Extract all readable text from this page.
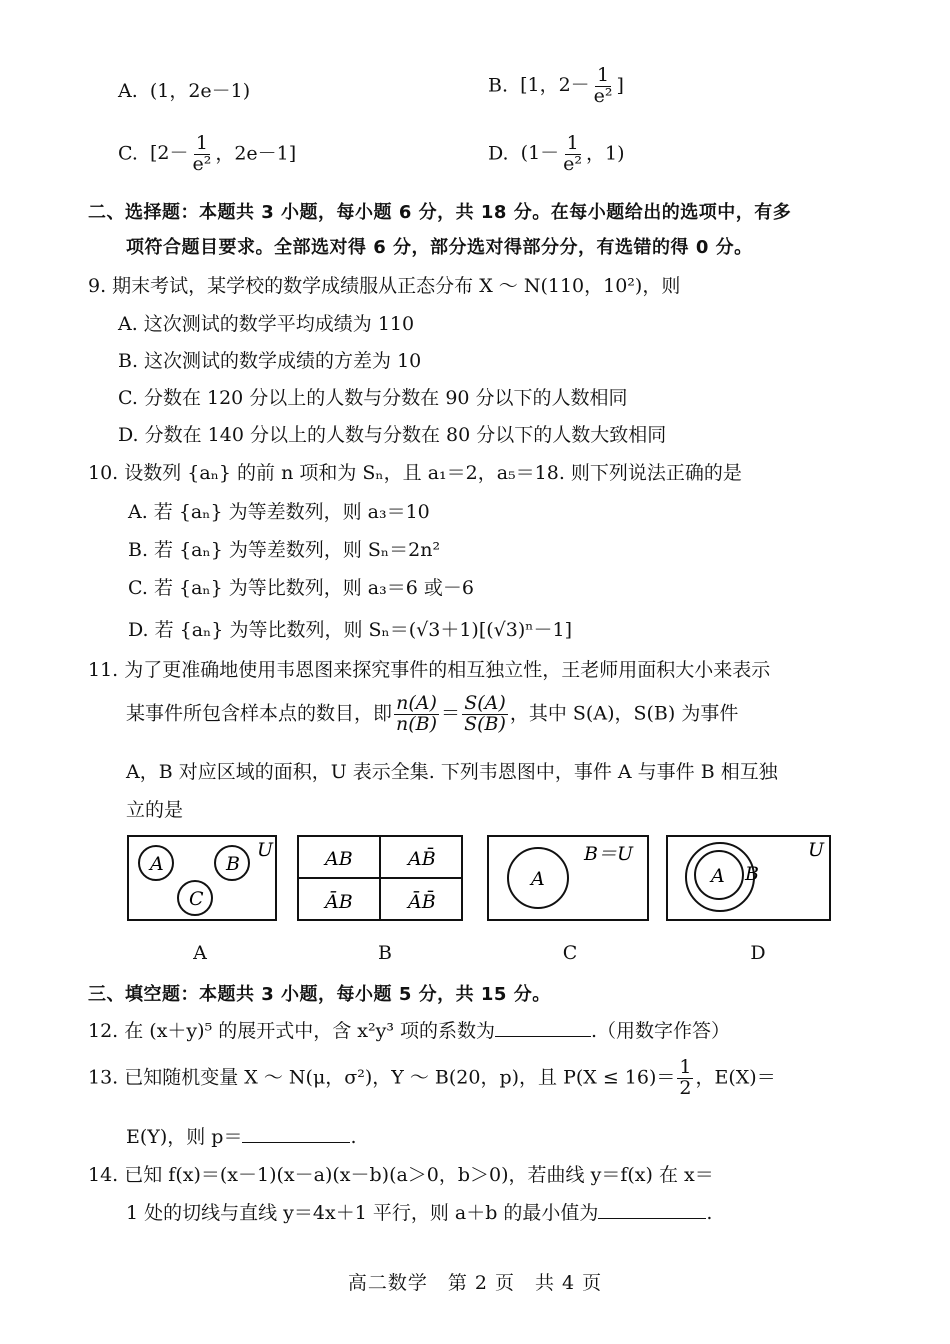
A. (1，2e－1)	B. [1，$2- \frac{1}{\text{e²}}$ ]
C. [$2- \frac{1}{\text{e²}}$ ，2e－1]	D. ($1- \frac{1}{\text{e²}}$ ，1)
二、选择题：本题共 3 小题，每小题 6 分，共 18 分。在每小题给出的选项中，有多
项符合题目要求。全部选对得 6 分，部分选对得部分分，有选错的得 0 分。
9. 期末考试，某学校的数学成绩服从正态分布 X ～ N(110，10²)，则
A. 这次测试的数学平均成绩为 110
B. 这次测试的数学成绩的方差为 10
C. 分数在 120 分以上的人数与分数在 90 分以下的人数相同
D. 分数在 140 分以上的人数与分数在 80 分以下的人数大致相同
10. 设数列 {aₙ} 的前 n 项和为 Sₙ，且 a₁＝2，a₅＝18. 则下列说法正确的是
A. 若 {aₙ} 为等差数列，则 a₃＝10
B. 若 {aₙ} 为等差数列，则 Sₙ＝2n²
C. 若 {aₙ} 为等比数列，则 a₃＝6 或－6
D. 若 {aₙ} 为等比数列，则 Sₙ＝(√3＋1)[(√3)ⁿ－1]
11. 为了更准确地使用韦恩图来探究事件的相互独立性，王老师用面积大小来表示
某事件所包含样本点的数目，即 $\frac{n(A)}{n(B)} = \frac{S(A)}{S(B)}$ ，其中 S(A)，S(B) 为事件
A，B 对应区域的面积，U 表示全集. 下列韦恩图中，事件 A 与事件 B 相互独
立的是
A	B
C
U	AB	AB̄
ĀB	ĀB̄
A
B＝U
A B
U
A	B	C	D
三、填空题：本题共 3 小题，每小题 5 分，共 15 分。
12. 在 (x＋y)⁵ 的展开式中，含 x²y³ 项的系数为	.（用数字作答）
13. 已知随机变量 X ～ N(μ，σ²)，Y ～ B(20，p)，且 $P(X \le 16)= \frac{1}{2}$ ，E(X)＝
E(Y)，则 p＝	.
14. 已知 f(x)＝(x－1)(x－a)(x－b)(a＞0，b＞0)，若曲线 y＝f(x) 在 x＝
1 处的切线与直线 y＝4x＋1 平行，则 a＋b 的最小值为	.
高二数学　第 2 页　共 4 页
